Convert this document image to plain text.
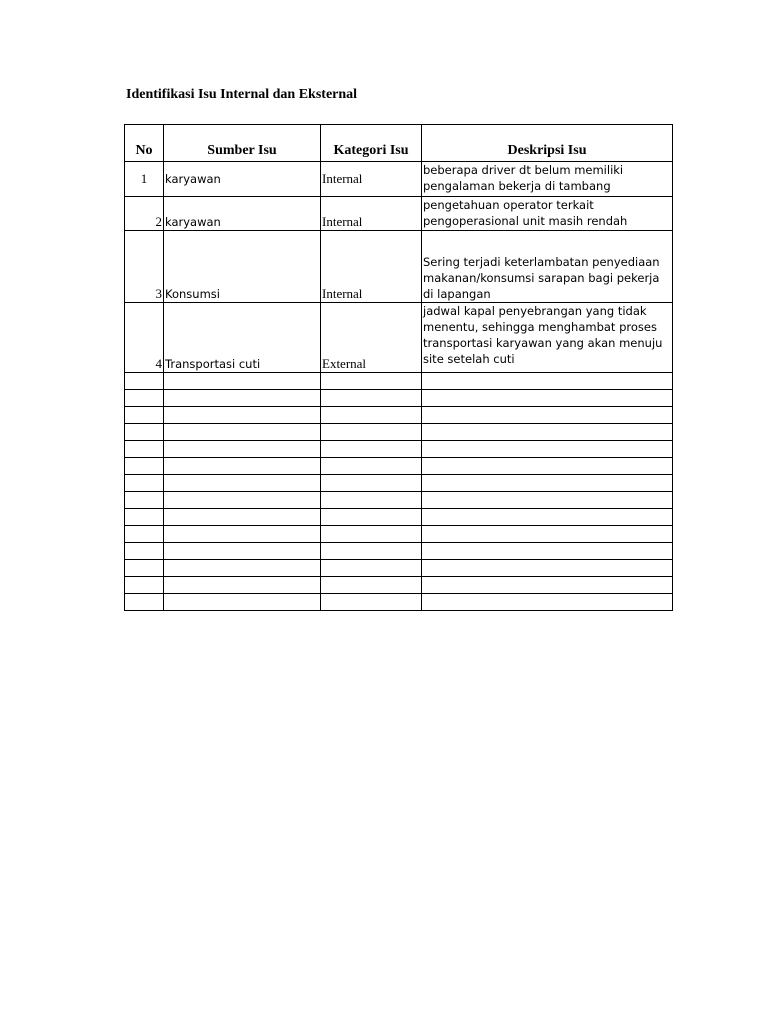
Identifikasi Isu Internal dan Eksternal
No	Sumber Isu	Kategori Isu	Deskripsi Isu
1	karyawan	Internal	beberapa driver dt belum memiliki pengalaman bekerja di tambang
2	karyawan	Internal	pengetahuan operator terkait pengoperasional unit masih rendah
3	Konsumsi	Internal	Sering terjadi keterlambatan penyediaan makanan/konsumsi sarapan bagi pekerja di lapangan
4	Transportasi cuti	External	jadwal kapal penyebrangan yang tidak menentu, sehingga menghambat proses transportasi karyawan yang akan menuju site setelah cuti
